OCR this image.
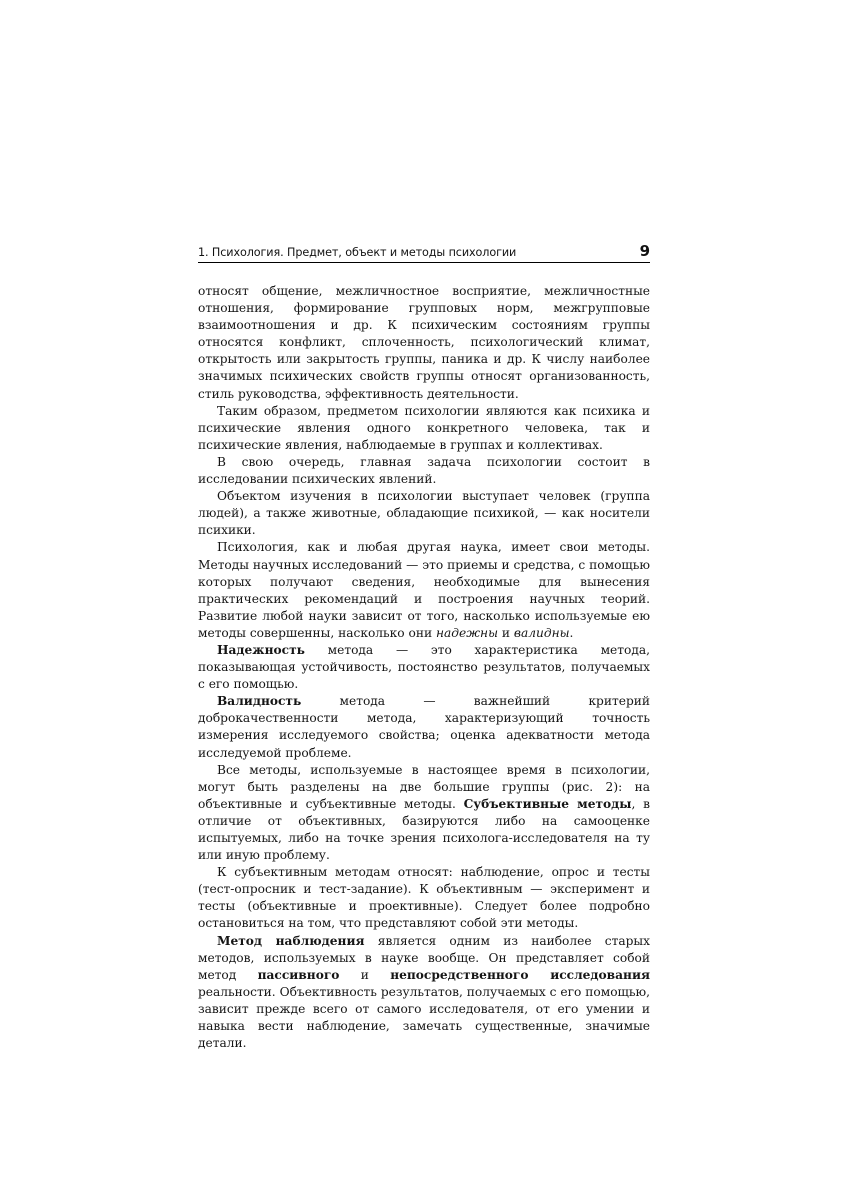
1. Психология. Предмет, объект и методы психологии	9

относят общение, межличностное восприятие, межличностные отношения, формирование групповых норм, межгрупповые взаимоотношения и др. К психическим состояниям группы относятся конфликт, сплоченность, психологический климат, открытость или закрытость группы, паника и др. К числу наиболее значимых психических свойств группы относят организованность, стиль руководства, эффективность деятельности.

Таким образом, предметом психологии являются как психика и психические явления одного конкретного человека, так и психические явления, наблюдаемые в группах и коллективах.

В свою очередь, главная задача психологии состоит в исследовании психических явлений.

Объектом изучения в психологии выступает человек (группа людей), а также животные, обладающие психикой, — как носители психики.

Психология, как и любая другая наука, имеет свои методы. Методы научных исследований — это приемы и средства, с помощью которых получают сведения, необходимые для вынесения практических рекомендаций и построения научных теорий. Развитие любой науки зависит от того, насколько используемые ею методы совершенны, насколько они надежны и валидны.

Надежность метода — это характеристика метода, показывающая устойчивость, постоянство результатов, получаемых с его помощью.

Валидность метода — важнейший критерий доброкачественности метода, характеризующий точность измерения исследуемого свойства; оценка адекватности метода исследуемой проблеме.

Все методы, используемые в настоящее время в психологии, могут быть разделены на две большие группы (рис. 2): на объективные и субъективные методы. Субъективные методы, в отличие от объективных, базируются либо на самооценке испытуемых, либо на точке зрения психолога-исследователя на ту или иную проблему.

К субъективным методам относят: наблюдение, опрос и тесты (тест-опросник и тест-задание). К объективным — эксперимент и тесты (объективные и проективные). Следует более подробно остановиться на том, что представляют собой эти методы.

Метод наблюдения является одним из наиболее старых методов, используемых в науке вообще. Он представляет собой метод пассивного и непосредственного исследования реальности. Объективность результатов, получаемых с его помощью, зависит прежде всего от самого исследователя, от его умении и навыка вести наблюдение, замечать существенные, значимые детали.
